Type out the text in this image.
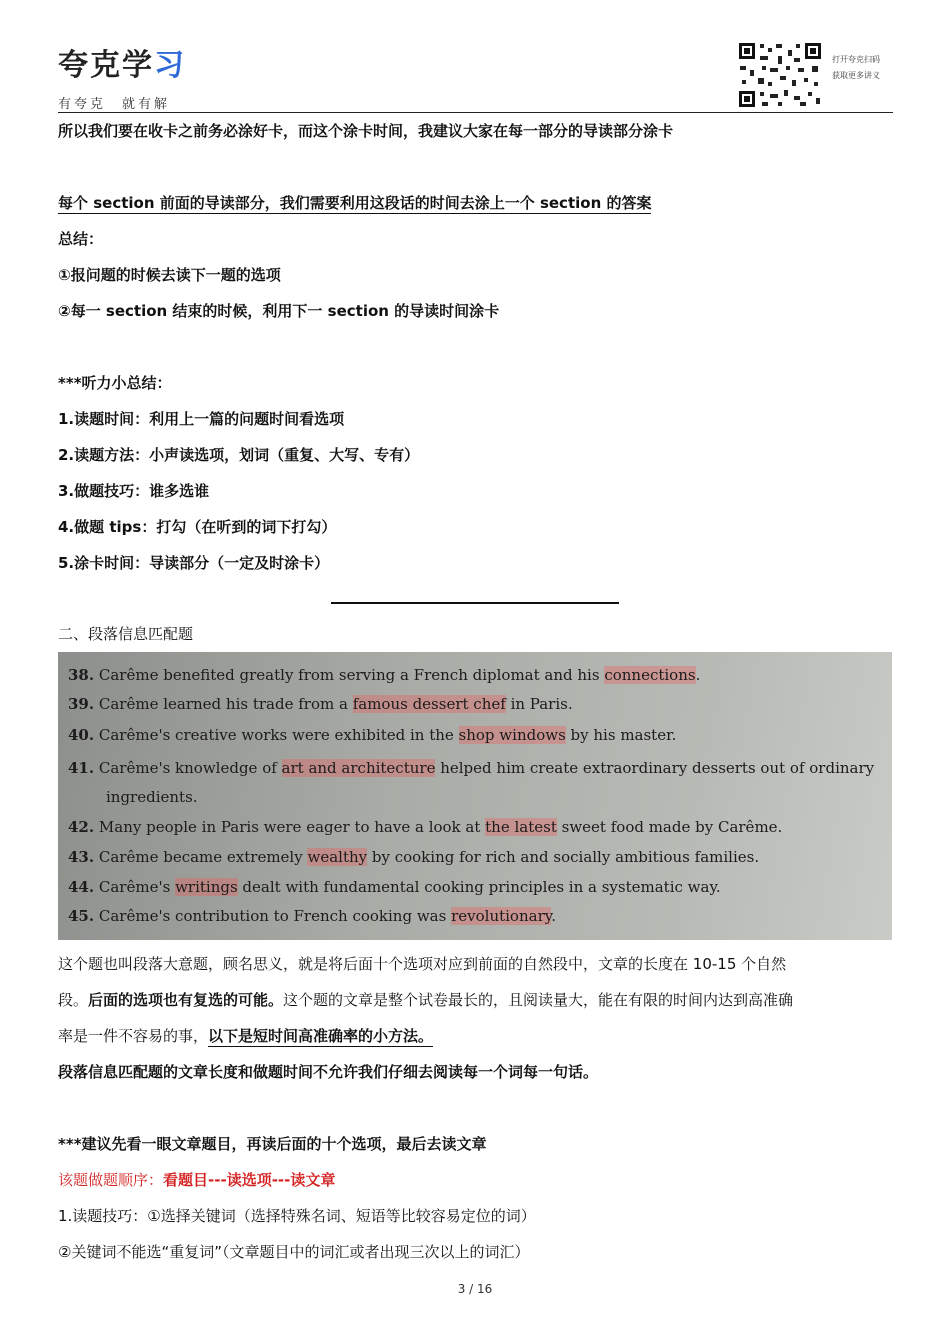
夸克学习
有夸克　就有解
打开夸克扫码
获取更多讲义
所以我们要在收卡之前务必涂好卡，而这个涂卡时间，我建议大家在每一部分的导读部分涂卡
每个 section 前面的导读部分，我们需要利用这段话的时间去涂上一个 section 的答案
总结：
①报问题的时候去读下一题的选项
②每一 section 结束的时候，利用下一 section 的导读时间涂卡
***听力小总结：
1.读题时间：利用上一篇的问题时间看选项
2.读题方法：小声读选项，划词（重复、大写、专有）
3.做题技巧：谁多选谁
4.做题 tips：打勾（在听到的词下打勾）
5.涂卡时间：导读部分（一定及时涂卡）
二、段落信息匹配题
38. Carême benefited greatly from serving a French diplomat and his connections.
39. Carême learned his trade from a famous dessert chef in Paris.
40. Carême's creative works were exhibited in the shop windows by his master.
41. Carême's knowledge of art and architecture helped him create extraordinary desserts out of ordinary
ingredients.
42. Many people in Paris were eager to have a look at the latest sweet food made by Carême.
43. Carême became extremely wealthy by cooking for rich and socially ambitious families.
44. Carême's writings dealt with fundamental cooking principles in a systematic way.
45. Carême's contribution to French cooking was revolutionary.
这个题也叫段落大意题，顾名思义，就是将后面十个选项对应到前面的自然段中，文章的长度在 10-15 个自然
段。后面的选项也有复选的可能。这个题的文章是整个试卷最长的，且阅读量大，能在有限的时间内达到高准确
率是一件不容易的事，以下是短时间高准确率的小方法。
段落信息匹配题的文章长度和做题时间不允许我们仔细去阅读每一个词每一句话。
***建议先看一眼文章题目，再读后面的十个选项，最后去读文章
该题做题顺序：看题目---读选项---读文章
1.读题技巧：①选择关键词（选择特殊名词、短语等比较容易定位的词）
②关键词不能选“重复词”（文章题目中的词汇或者出现三次以上的词汇）
3 / 16
